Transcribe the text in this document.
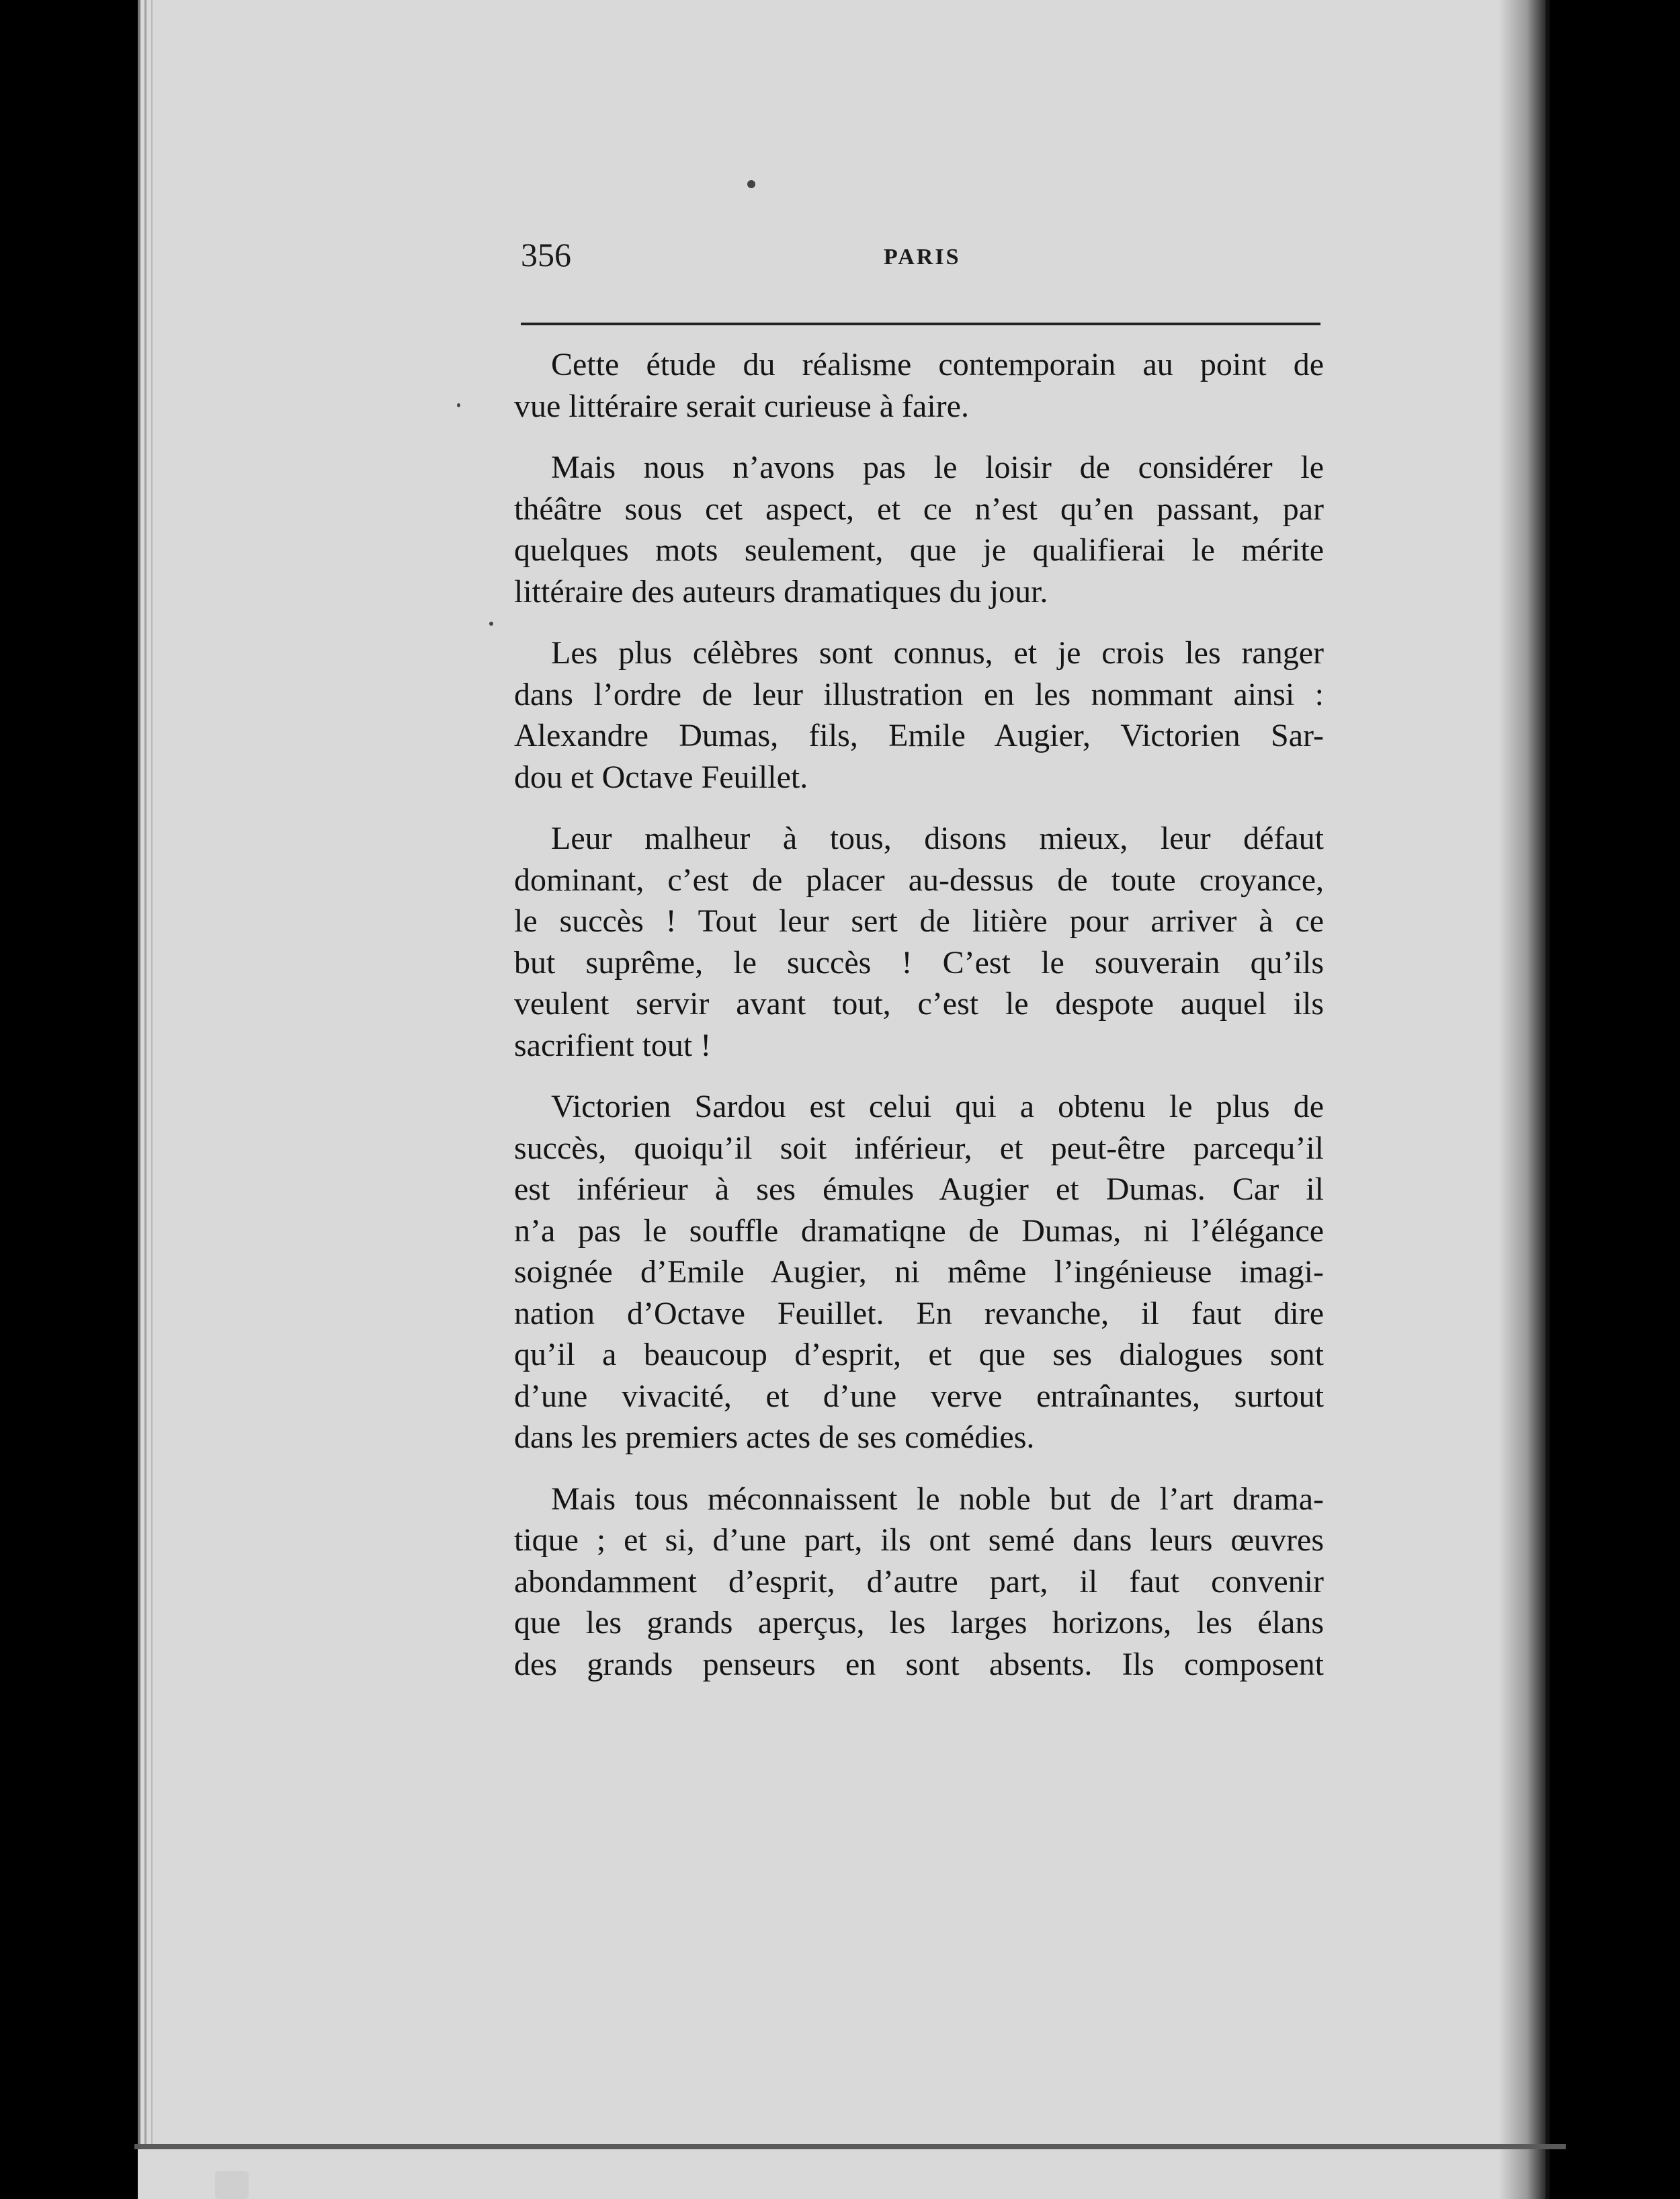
356	PARIS
Cette étude du réalisme contemporain au point de
vue littéraire serait curieuse à faire.
Mais nous n’avons pas le loisir de considérer le
théâtre sous cet aspect, et ce n’est qu’en passant, par
quelques mots seulement, que je qualifierai le mérite
littéraire des auteurs dramatiques du jour.
Les plus célèbres sont connus, et je crois les ranger
dans l’ordre de leur illustration en les nommant ainsi :
Alexandre Dumas, fils, Emile Augier, Victorien Sar-
dou et Octave Feuillet.
Leur malheur à tous, disons mieux, leur défaut
dominant, c’est de placer au-dessus de toute croyance,
le succès ! Tout leur sert de litière pour arriver à ce
but suprême, le succès ! C’est le souverain qu’ils
veulent servir avant tout, c’est le despote auquel ils
sacrifient tout !
Victorien Sardou est celui qui a obtenu le plus de
succès, quoiqu’il soit inférieur, et peut-être parcequ’il
est inférieur à ses émules Augier et Dumas. Car il
n’a pas le souffle dramatiqne de Dumas, ni l’élégance
soignée d’Emile Augier, ni même l’ingénieuse imagi-
nation d’Octave Feuillet. En revanche, il faut dire
qu’il a beaucoup d’esprit, et que ses dialogues sont
d’une vivacité, et d’une verve entraînantes, surtout
dans les premiers actes de ses comédies.
Mais tous méconnaissent le noble but de l’art drama-
tique ; et si, d’une part, ils ont semé dans leurs œuvres
abondamment d’esprit, d’autre part, il faut convenir
que les grands aperçus, les larges horizons, les élans
des grands penseurs en sont absents. Ils composent
